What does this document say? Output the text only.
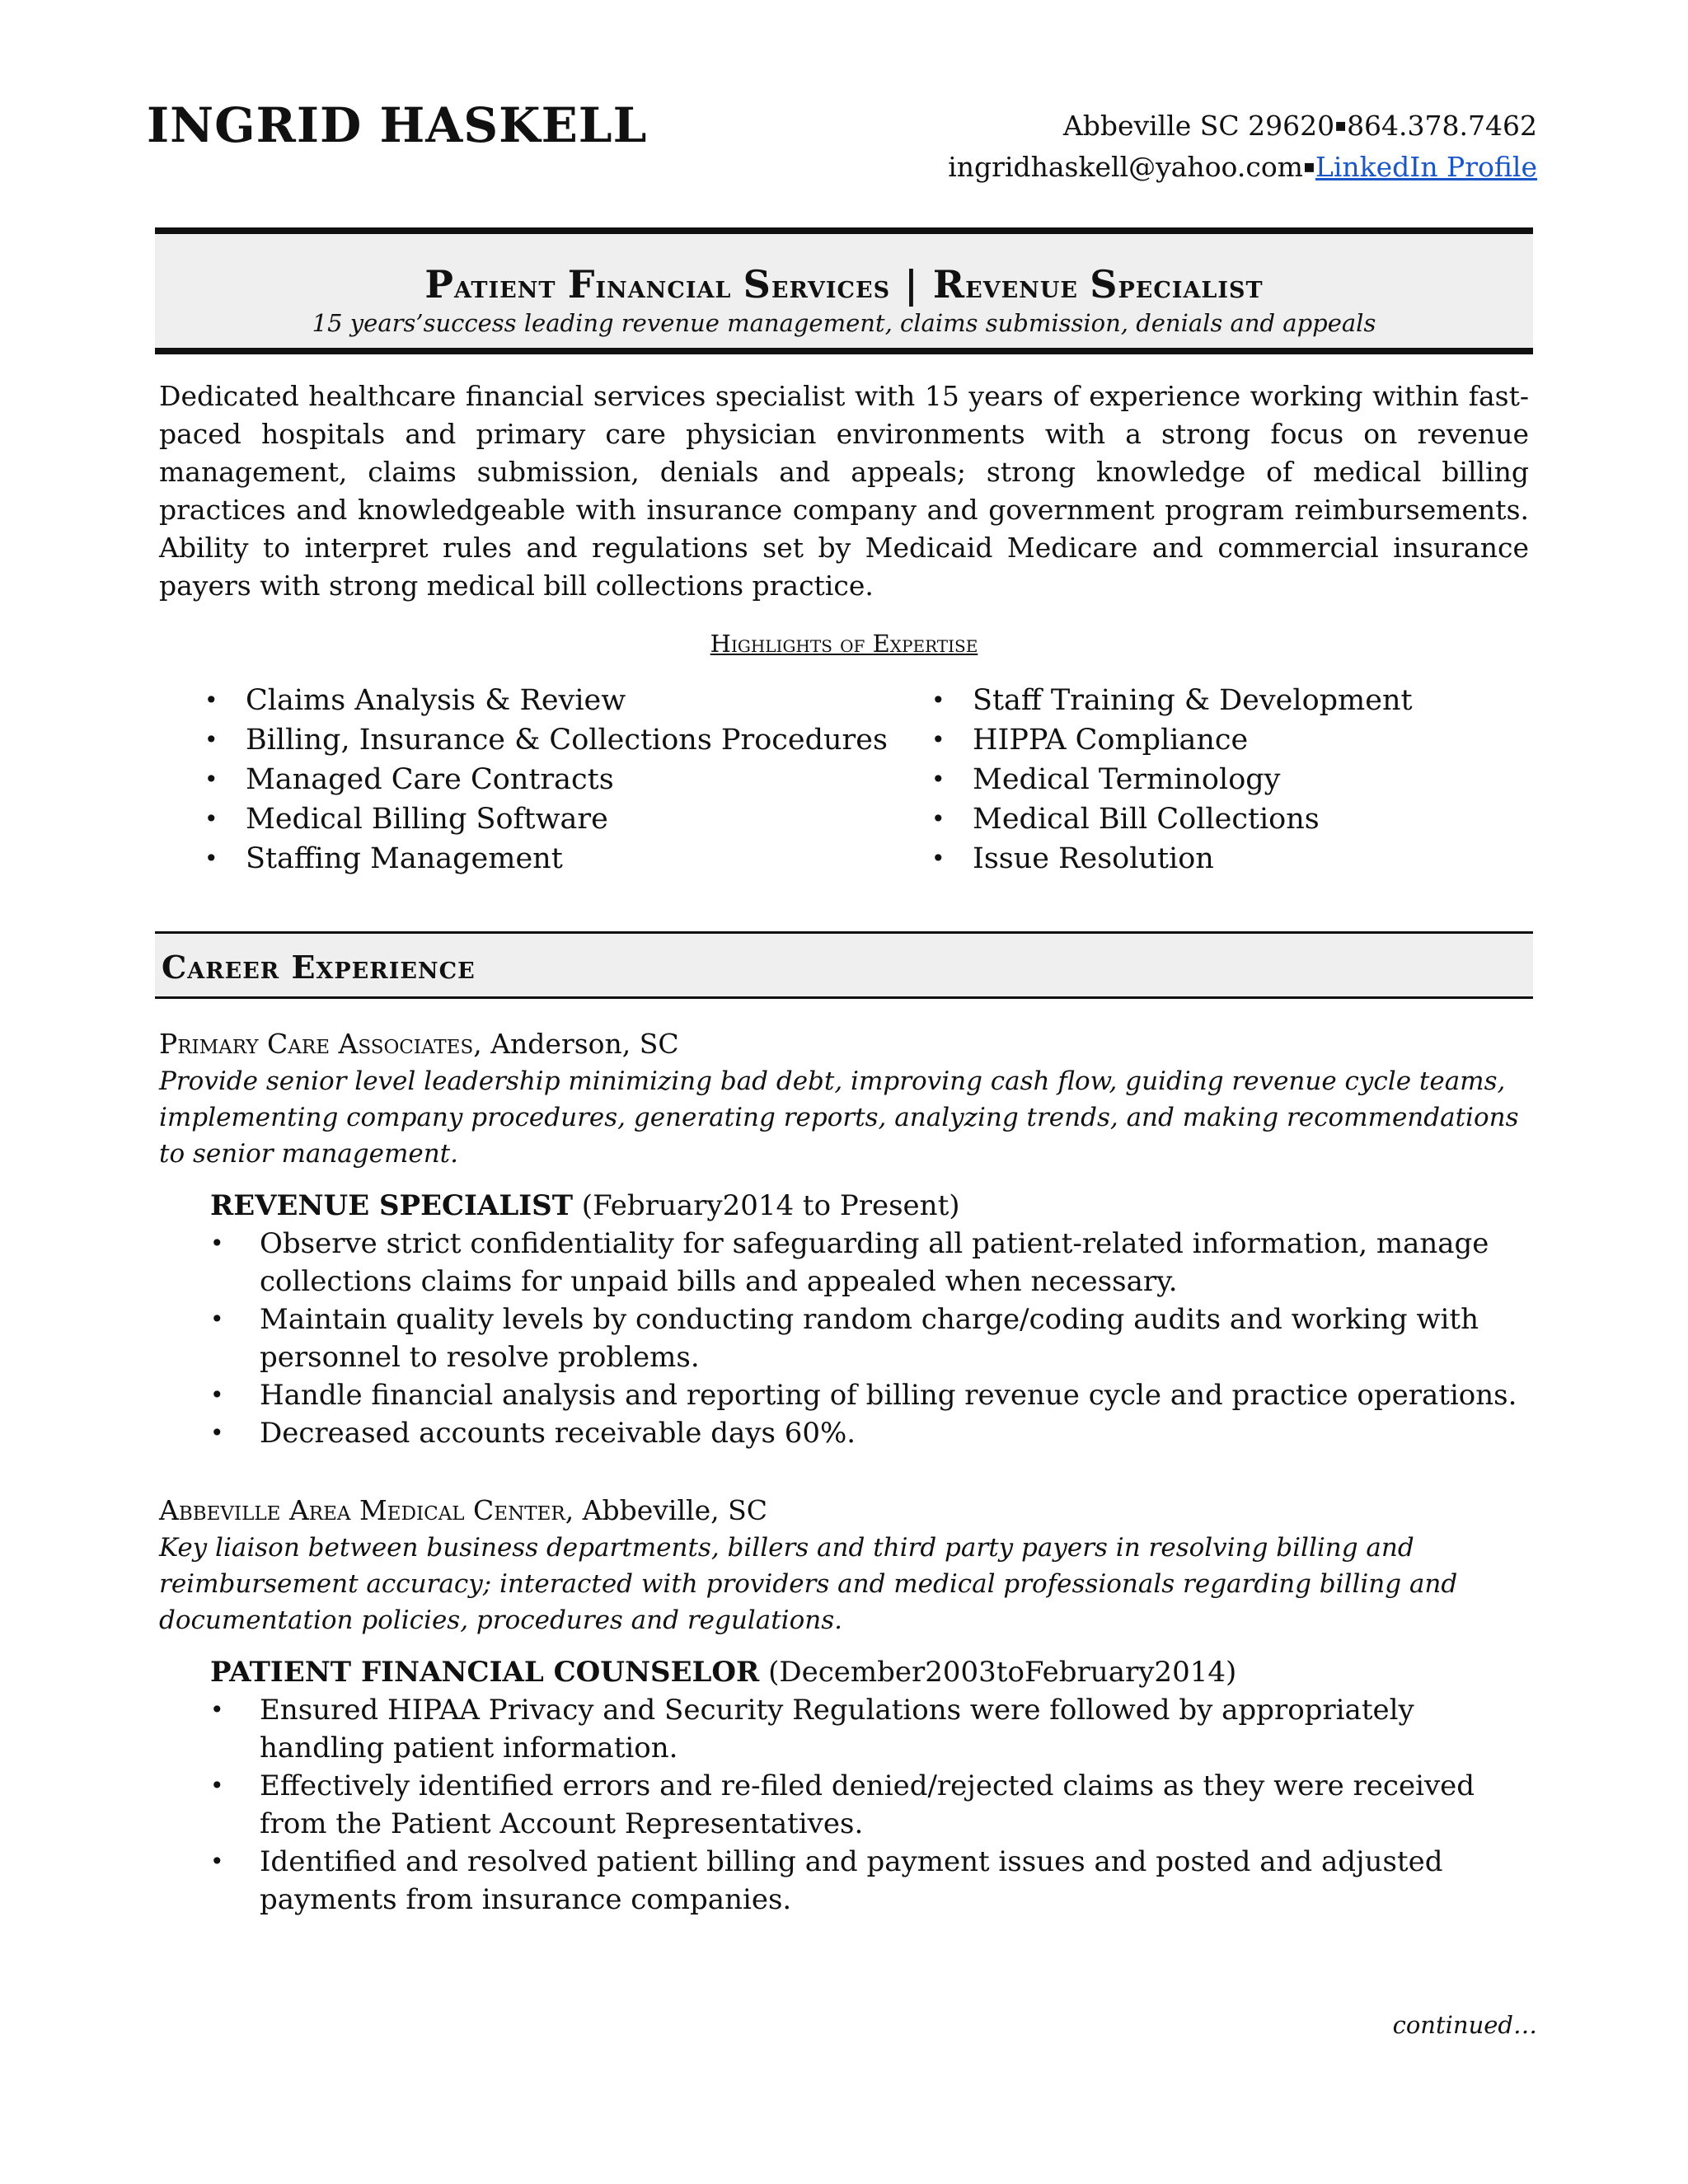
INGRID HASKELL	Abbeville SC 29620▪864.378.7462
ingridhaskell@yahoo.com▪LinkedIn Profile
Patient Financial Services | Revenue Specialist
15 years’success leading revenue management, claims submission, denials and appeals
Dedicated healthcare financial services specialist with 15 years of experience working within fast-paced hospitals and primary care physician environments with a strong focus on revenue management, claims submission, denials and appeals; strong knowledge of medical billing practices and knowledgeable with insurance company and government program reimbursements. Ability to interpret rules and regulations set by Medicaid Medicare and commercial insurance payers with strong medical bill collections practice.
Highlights of Expertise
• Claims Analysis & Review
• Billing, Insurance & Collections Procedures
• Managed Care Contracts
• Medical Billing Software
• Staffing Management
• Staff Training & Development
• HIPPA Compliance
• Medical Terminology
• Medical Bill Collections
• Issue Resolution
Career Experience
Primary Care Associates, Anderson, SC
Provide senior level leadership minimizing bad debt, improving cash flow, guiding revenue cycle teams, implementing company procedures, generating reports, analyzing trends, and making recommendations to senior management.
REVENUE SPECIALIST (February2014 to Present)
• Observe strict confidentiality for safeguarding all patient-related information, manage collections claims for unpaid bills and appealed when necessary.
• Maintain quality levels by conducting random charge/coding audits and working with personnel to resolve problems.
• Handle financial analysis and reporting of billing revenue cycle and practice operations.
• Decreased accounts receivable days 60%.
Abbeville Area Medical Center, Abbeville, SC
Key liaison between business departments, billers and third party payers in resolving billing and reimbursement accuracy; interacted with providers and medical professionals regarding billing and documentation policies, procedures and regulations.
PATIENT FINANCIAL COUNSELOR (December2003toFebruary2014)
• Ensured HIPAA Privacy and Security Regulations were followed by appropriately handling patient information.
• Effectively identified errors and re-filed denied/rejected claims as they were received from the Patient Account Representatives.
• Identified and resolved patient billing and payment issues and posted and adjusted payments from insurance companies.
continued…
